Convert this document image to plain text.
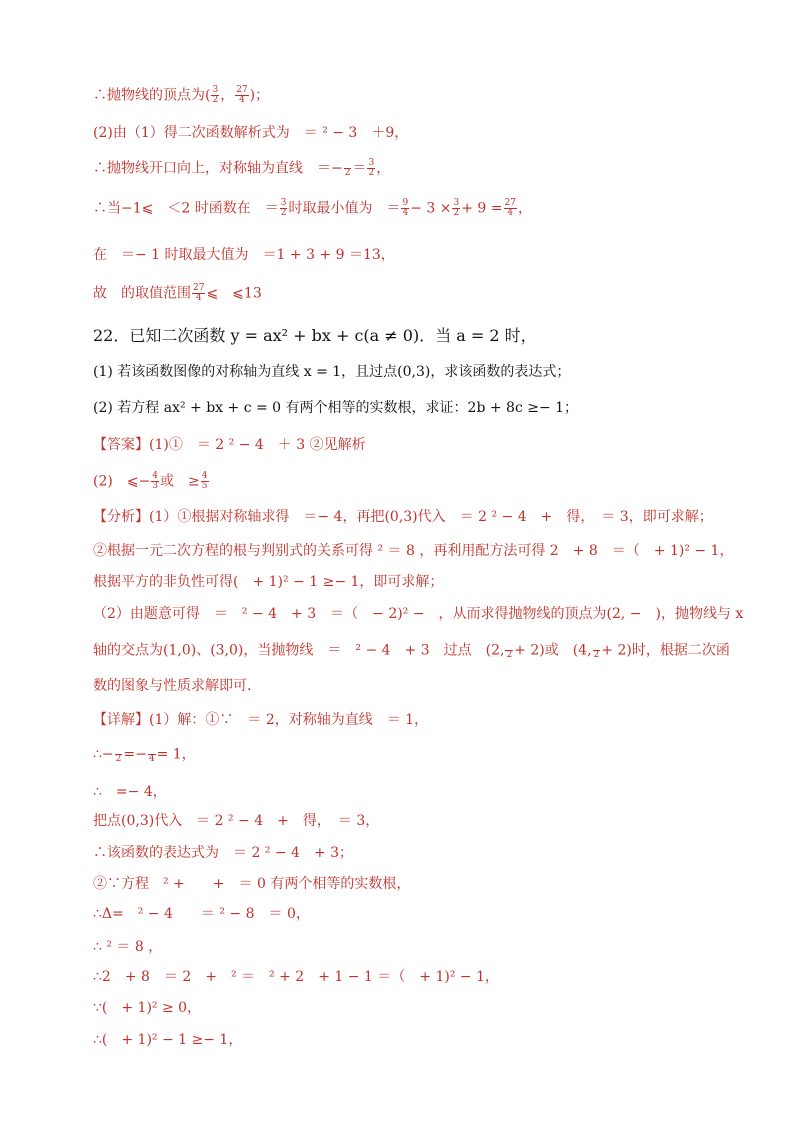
∴抛物线的顶点为( $\frac{3}{2}$ ， $\frac{27}{4}$ )；
(2)由（1）得二次函数解析式为　＝ ² − 3　＋9，
∴抛物线开口向上，对称轴为直线　＝−
$2 = \frac{3}{2}$ ，
∴当−1⩽　＜2 时函数在　＝ $\frac{3}{2}$ 时取最小值为　＝ $\frac{9}{4} - 3 \times \frac{3}{2} + 9 = \frac{27}{4}$ ，
在　＝− 1 时取最大值为　＝1 + 3 + 9 ＝13，
故　的取值范围 $\frac{27}{4}$ ⩽　⩽13
22．已知二次函数 y = ax² + bx + c(a ≠ 0)．当 a = 2 时，
(1) 若该函数图像的对称轴为直线 x = 1，且过点(0,3)，求该函数的表达式；
(2) 若方程 ax² + bx + c = 0 有两个相等的实数根，求证：2b + 8c ≥− 1；
【答案】(1)①　＝ 2 ² − 4　＋ 3 ②见解析
(2)　⩽− $\frac{4}{3}$ 或　≥ $\frac{4}{5}$
【分析】(1）①根据对称轴求得　＝− 4，再把(0,3)代入　＝ 2 ² − 4　+　得，　＝ 3，即可求解；
②根据一元二次方程的根与判别式的关系可得 ² ＝ 8 ，再利用配方法可得 2　+ 8　＝（　+ 1)² − 1，
根据平方的非负性可得(　+ 1)² − 1 ≥− 1，即可求解；
（2）由题意可得　＝　² − 4　+ 3　＝（　− 2)² −　，从而求得抛物线的顶点为(2, −　)，抛物线与 x
轴的交点为(1,0)、(3,0)，当抛物线　＝　² − 4　+ 3　过点　(2,
2 + 2)或　(4,
2 + 2)时，根据二次函
数的图象与性质求解即可.
【详解】(1）解：①∵　＝ 2，对称轴为直线　＝ 1，
∴−
2 =−
4 = 1，
∴　=− 4，
把点(0,3)代入　＝ 2 ² − 4　+　得，　＝ 3，
∴该函数的表达式为　＝ 2 ² − 4　+ 3；
②∵方程　² +　　+　＝ 0 有两个相等的实数根，
∴Δ=　² − 4　　＝ ² − 8　＝ 0，
∴ ² ＝ 8 ，
∴2　+ 8　＝ 2　+　² ＝　² + 2　+ 1 − 1 ＝（　+ 1)² − 1，
∵(　+ 1)² ≥ 0，
∴(　+ 1)² − 1 ≥− 1，
